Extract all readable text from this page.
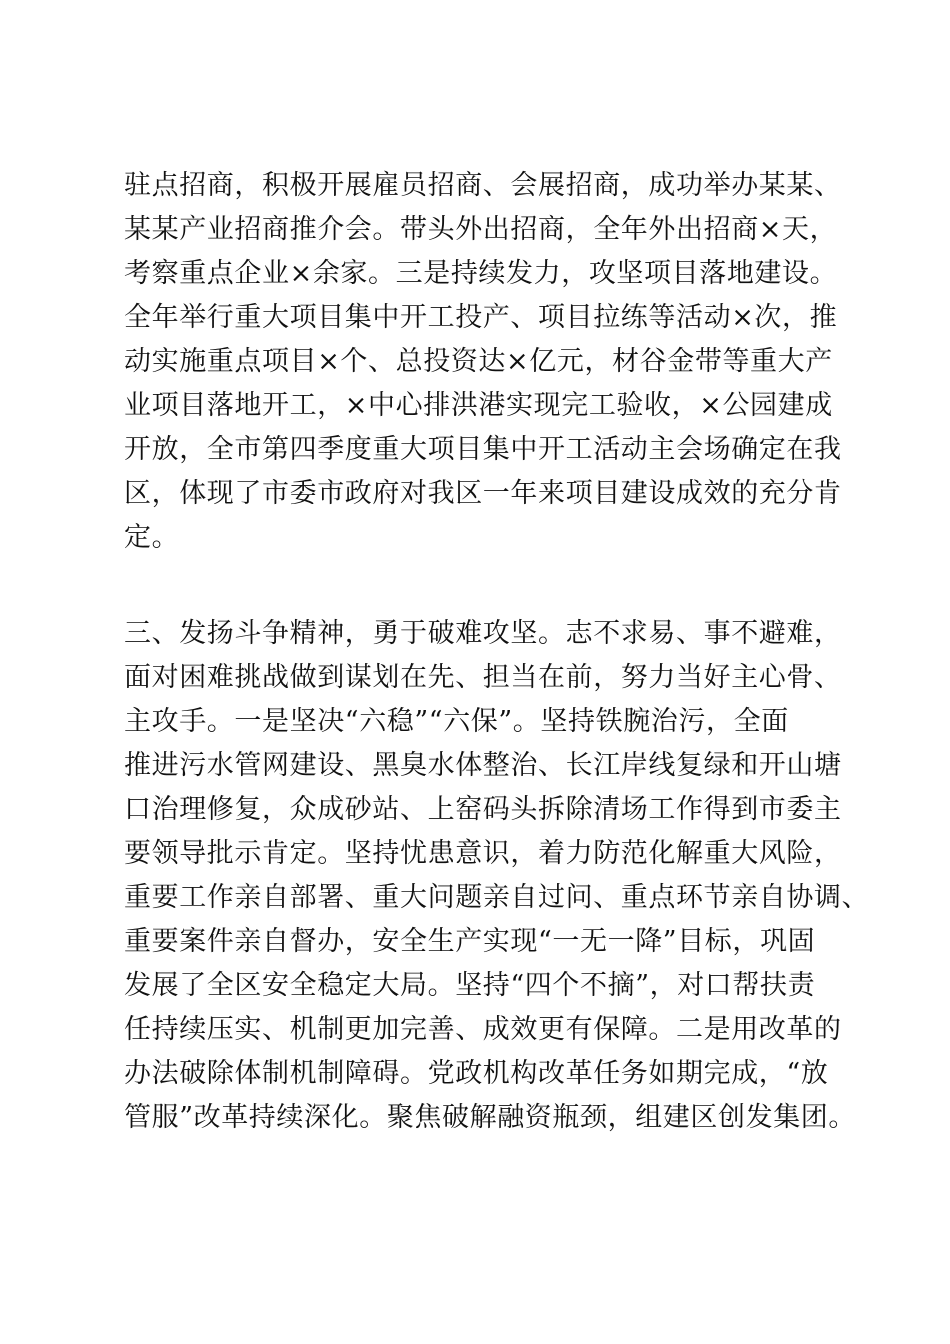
驻点招商，积极开展雇员招商、会展招商，成功举办某某、
某某产业招商推介会。带头外出招商，全年外出招商×天，
考察重点企业×余家。三是持续发力，攻坚项目落地建设。
全年举行重大项目集中开工投产、项目拉练等活动×次，推
动实施重点项目×个、总投资达×亿元，材谷金带等重大产
业项目落地开工，×中心排洪港实现完工验收，×公园建成
开放，全市第四季度重大项目集中开工活动主会场确定在我
区，体现了市委市政府对我区一年来项目建设成效的充分肯
定。
三、发扬斗争精神，勇于破难攻坚。志不求易、事不避难，
面对困难挑战做到谋划在先、担当在前，努力当好主心骨、
主攻手。一是坚决“六稳”“六保”。坚持铁腕治污，全面
推进污水管网建设、黑臭水体整治、长江岸线复绿和开山塘
口治理修复，众成砂站、上窑码头拆除清场工作得到市委主
要领导批示肯定。坚持忧患意识，着力防范化解重大风险，
重要工作亲自部署、重大问题亲自过问、重点环节亲自协调、
重要案件亲自督办，安全生产实现“一无一降”目标，巩固
发展了全区安全稳定大局。坚持“四个不摘”，对口帮扶责
任持续压实、机制更加完善、成效更有保障。二是用改革的
办法破除体制机制障碍。党政机构改革任务如期完成，“放
管服”改革持续深化。聚焦破解融资瓶颈，组建区创发集团。
